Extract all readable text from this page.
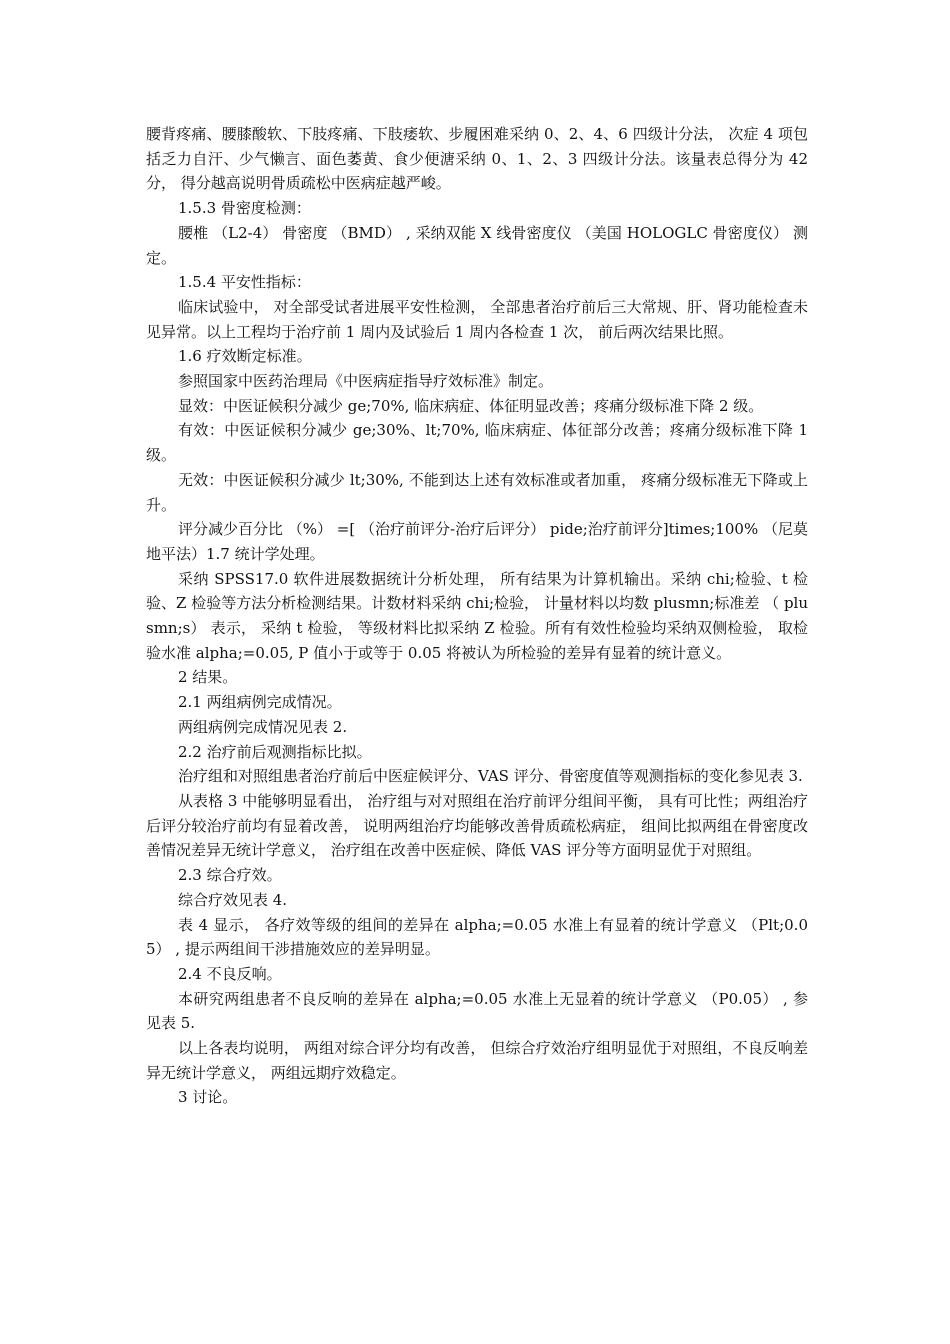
腰背疼痛、腰膝酸软、下肢疼痛、下肢痿软、步履困难采纳 0、2、4、6 四级计分法， 次症 4 项包括乏力自汗、少气懒言、面色萎黄、食少便溏采纳 0、1、2、3 四级计分法。该量表总得分为 42 分， 得分越高说明骨质疏松中医病症越严峻。

1.5.3 骨密度检测：

腰椎 （L2-4） 骨密度 （BMD） , 采纳双能 X 线骨密度仪 （美国 HOLOGLC 骨密度仪） 测定。

1.5.4 平安性指标：

临床试验中， 对全部受试者进展平安性检测， 全部患者治疗前后三大常规、肝、肾功能检查未见异常。以上工程均于治疗前 1 周内及试验后 1 周内各检查 1 次， 前后两次结果比照。

1.6 疗效断定标准。

参照国家中医药治理局《中医病症指导疗效标准》制定。

显效：中医证候积分减少 ge;70%, 临床病症、体征明显改善；疼痛分级标准下降 2 级。

有效：中医证候积分减少 ge;30%、lt;70%, 临床病症、体征部分改善；疼痛分级标准下降 1 级。

无效：中医证候积分减少 lt;30%, 不能到达上述有效标准或者加重， 疼痛分级标准无下降或上升。

评分减少百分比 （%） =[ （治疗前评分-治疗后评分） pide;治疗前评分]times;100% （尼莫地平法）1.7 统计学处理。

采纳 SPSS17.0 软件进展数据统计分析处理， 所有结果为计算机输出。采纳 chi;检验、t 检验、Z 检验等方法分析检测结果。计数材料采纳 chi;检验， 计量材料以均数 plusmn;标准差 （ plusmn;s） 表示， 采纳 t 检验， 等级材料比拟采纳 Z 检验。所有有效性检验均采纳双侧检验， 取检验水准 alpha;=0.05, P 值小于或等于 0.05 将被认为所检验的差异有显着的统计意义。

2 结果。

2.1 两组病例完成情况。

两组病例完成情况见表 2.

2.2 治疗前后观测指标比拟。

治疗组和对照组患者治疗前后中医症候评分、VAS 评分、骨密度值等观测指标的变化参见表 3.

从表格 3 中能够明显看出， 治疗组与对对照组在治疗前评分组间平衡， 具有可比性；两组治疗后评分较治疗前均有显着改善， 说明两组治疗均能够改善骨质疏松病症， 组间比拟两组在骨密度改善情况差异无统计学意义， 治疗组在改善中医症候、降低 VAS 评分等方面明显优于对照组。

2.3 综合疗效。

综合疗效见表 4.

表 4 显示， 各疗效等级的组间的差异在 alpha;=0.05 水准上有显着的统计学意义 （Plt;0.05） , 提示两组间干涉措施效应的差异明显。

2.4 不良反响。

本研究两组患者不良反响的差异在 alpha;=0.05 水准上无显着的统计学意义 （P0.05） , 参见表 5.

以上各表均说明， 两组对综合评分均有改善， 但综合疗效治疗组明显优于对照组，不良反响差异无统计学意义， 两组远期疗效稳定。

3 讨论。
